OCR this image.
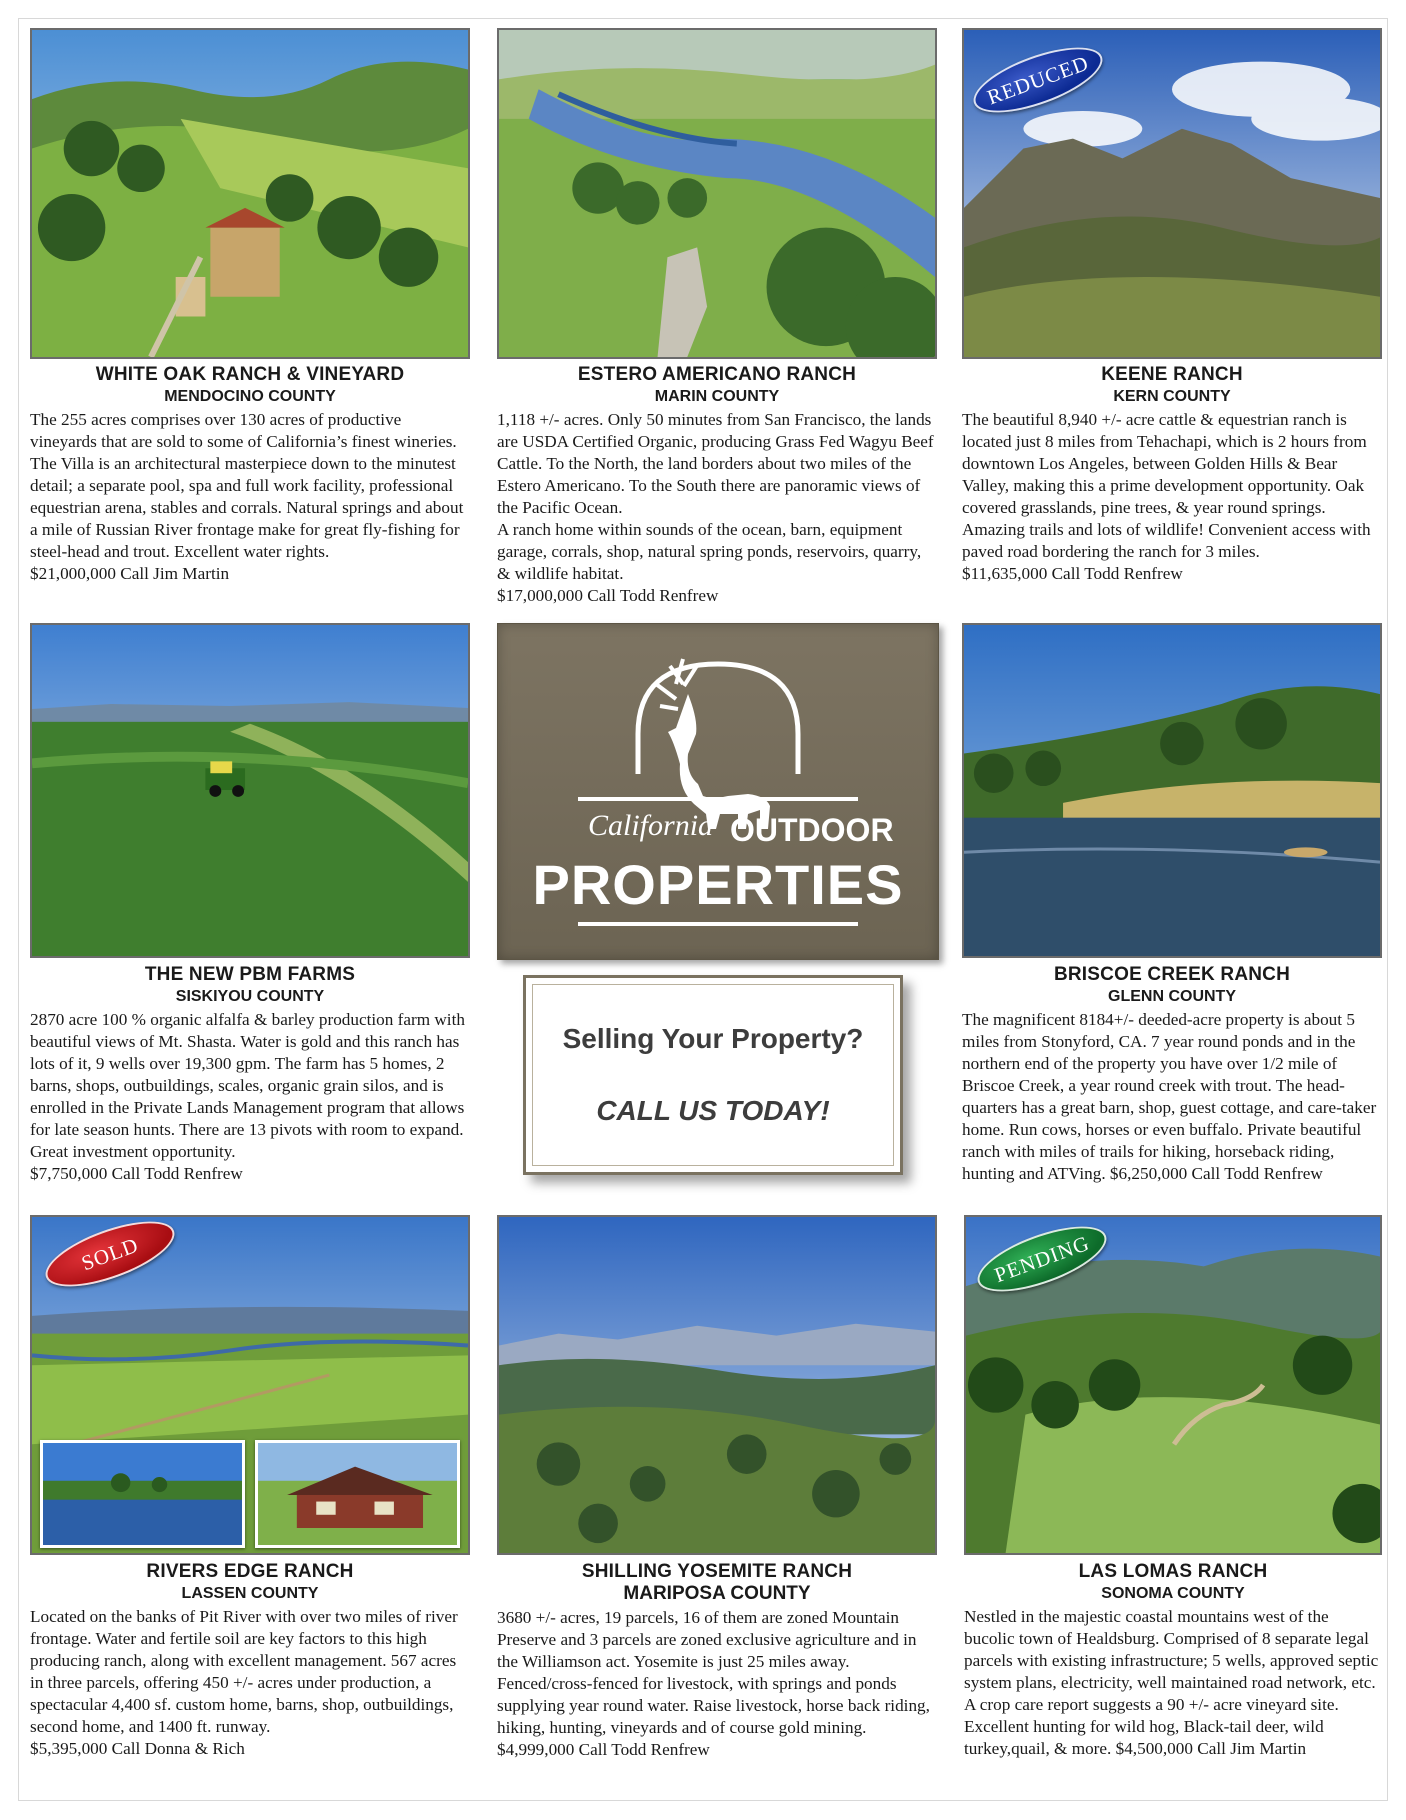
WHITE OAK RANCH & VINEYARD

MENDOCINO COUNTY

The 255 acres comprises over 130 acres of productive vineyards that are sold to some of California’s finest wineries. The Villa is an architectural masterpiece down to the minutest detail; a separate pool, spa and full work facility, professional equestrian arena, stables and corrals. Natural springs and about a mile of Russian River frontage make for great fly-fishing for steel-head and trout. Excellent water rights.

$21,000,000 Call Jim Martin

ESTERO AMERICANO RANCH

MARIN COUNTY

1,118 +/- acres. Only 50 minutes from San Francisco, the lands are USDA Certified Organic, producing Grass Fed Wagyu Beef Cattle. To the North, the land borders about two miles of the Estero Americano. To the South there are panoramic views of the Pacific Ocean.

A ranch home within sounds of the ocean, barn, equipment garage, corrals, shop, natural spring ponds, reservoirs, quarry, & wildlife habitat.

$17,000,000 Call Todd Renfrew

REDUCED

KEENE RANCH

KERN COUNTY

The beautiful 8,940 +/- acre cattle & equestrian ranch is located just 8 miles from Tehachapi, which is 2 hours from downtown Los Angeles, between Golden Hills & Bear Valley, making this a prime development opportunity. Oak covered grasslands, pine trees, & year round springs. Amazing trails and lots of wildlife! Convenient access with paved road bordering the ranch for 3 miles.

$11,635,000 Call Todd Renfrew

THE NEW PBM FARMS

SISKIYOU COUNTY

2870 acre 100 % organic alfalfa & barley production farm with beautiful views of Mt. Shasta. Water is gold and this ranch has lots of it, 9 wells over 19,300 gpm. The farm has 5 homes, 2 barns, shops, outbuildings, scales, organic grain silos, and is enrolled in the Private Lands Management program that allows for late season hunts. There are 13 pivots with room to expand. Great investment opportunity.

$7,750,000 Call Todd Renfrew

California OUTDOOR
PROPERTIES
Selling Your Property?
CALL US TODAY!

BRISCOE CREEK RANCH

GLENN COUNTY

The magnificent 8184+/- deeded-acre property is about 5 miles from Stonyford, CA. 7 year round ponds and in the northern end of the property you have over 1/2 mile of Briscoe Creek, a year round creek with trout. The head-quarters has a great barn, shop, guest cottage, and care-taker home. Run cows, horses or even buffalo. Private beautiful ranch with miles of trails for hiking, horseback riding, hunting and ATVing. $6,250,000 Call Todd Renfrew

SOLD

RIVERS EDGE RANCH

LASSEN COUNTY

Located on the banks of Pit River with over two miles of river frontage. Water and fertile soil are key factors to this high producing ranch, along with excellent management. 567 acres in three parcels, offering 450 +/- acres under production, a spectacular 4,400 sf. custom home, barns, shop, outbuildings, second home, and 1400 ft. runway.

$5,395,000 Call Donna & Rich

SHILLING YOSEMITE RANCH

MARIPOSA COUNTY

3680 +/- acres, 19 parcels, 16 of them are zoned Mountain Preserve and 3 parcels are zoned exclusive agriculture and in the Williamson act. Yosemite is just 25 miles away. Fenced/cross-fenced for livestock, with springs and ponds supplying year round water. Raise livestock, horse back riding, hiking, hunting, vineyards and of course gold mining.

$4,999,000 Call Todd Renfrew

PENDING

LAS LOMAS RANCH

SONOMA COUNTY

Nestled in the majestic coastal mountains west of the bucolic town of Healdsburg. Comprised of 8 separate legal parcels with existing infrastructure; 5 wells, approved septic system plans, electricity, well maintained road network, etc. A crop care report suggests a 90 +/- acre vineyard site. Excellent hunting for wild hog, Black-tail deer, wild turkey,quail, & more. $4,500,000 Call Jim Martin
